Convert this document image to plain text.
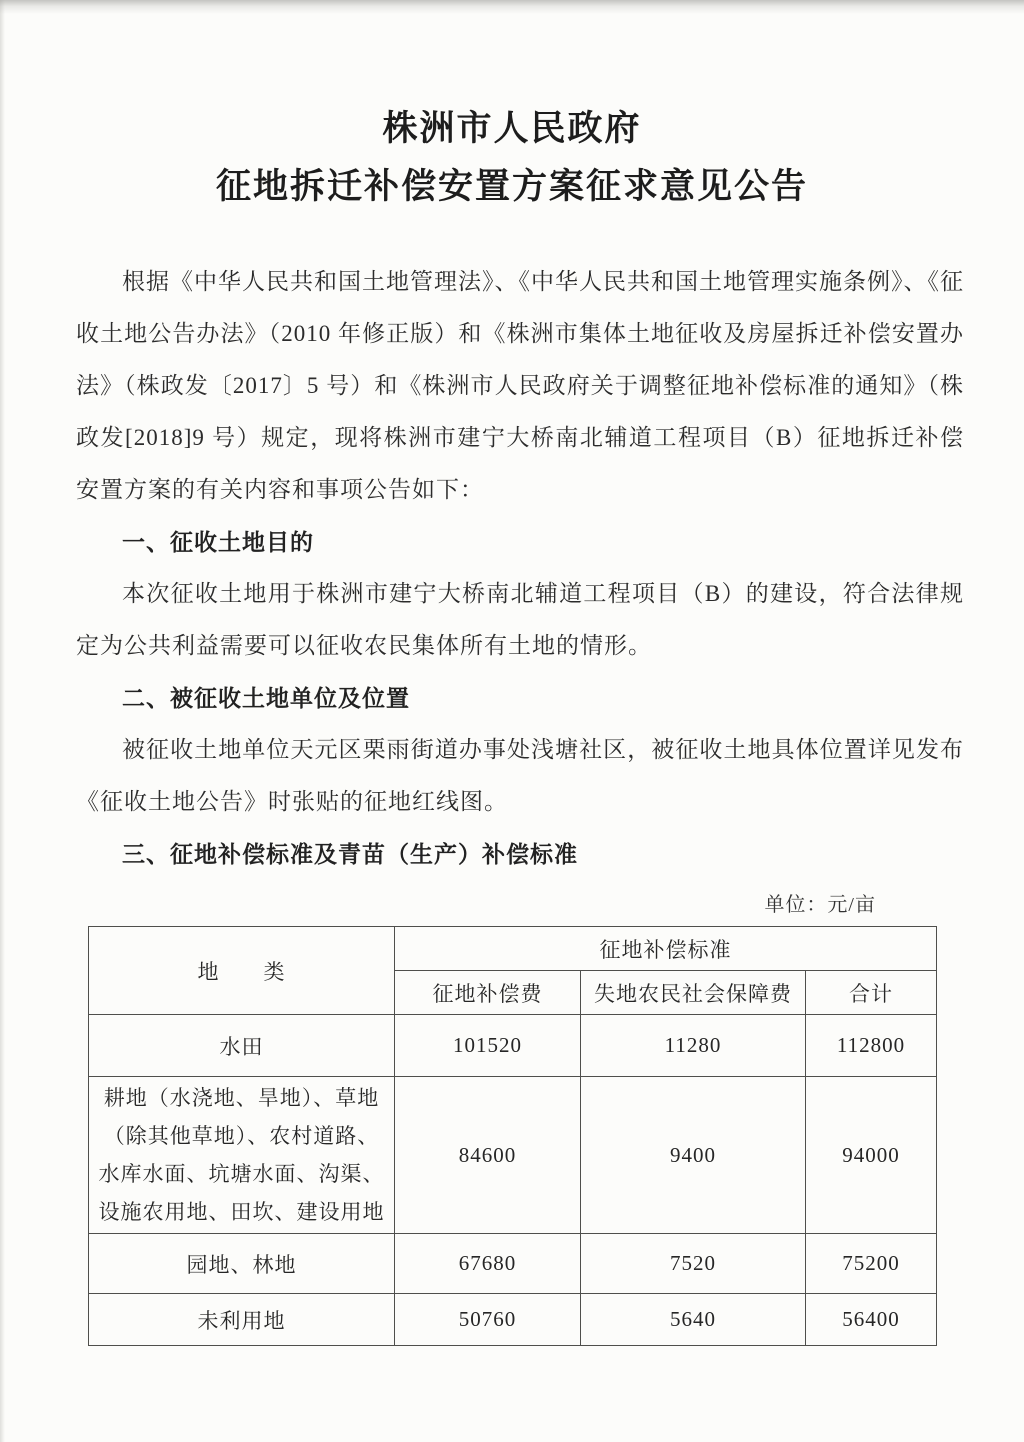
株洲市人民政府
征地拆迁补偿安置方案征求意见公告

根据《中华人民共和国土地管理法》、《中华人民共和国土地管理实施条例》、《征收土地公告办法》（2010 年修正版）和《株洲市集体土地征收及房屋拆迁补偿安置办法》（株政发〔2017〕5 号）和《株洲市人民政府关于调整征地补偿标准的通知》（株政发[2018]9 号）规定，现将株洲市建宁大桥南北辅道工程项目（B）征地拆迁补偿安置方案的有关内容和事项公告如下：

一、征收土地目的

本次征收土地用于株洲市建宁大桥南北辅道工程项目（B）的建设，符合法律规定为公共利益需要可以征收农民集体所有土地的情形。

二、被征收土地单位及位置

被征收土地单位天元区栗雨街道办事处浅塘社区，被征收土地具体位置详见发布《征收土地公告》时张贴的征地红线图。

三、征地补偿标准及青苗（生产）补偿标准

单位：元/亩
地　　类	征地补偿标准		
	征地补偿费	失地农民社会保障费	合计
水田	101520	11280	112800
耕地（水浇地、旱地）、草地（除其他草地）、农村道路、水库水面、坑塘水面、沟渠、设施农用地、田坎、建设用地	84600	9400	94000
园地、林地	67680	7520	75200
未利用地	50760	5640	56400
